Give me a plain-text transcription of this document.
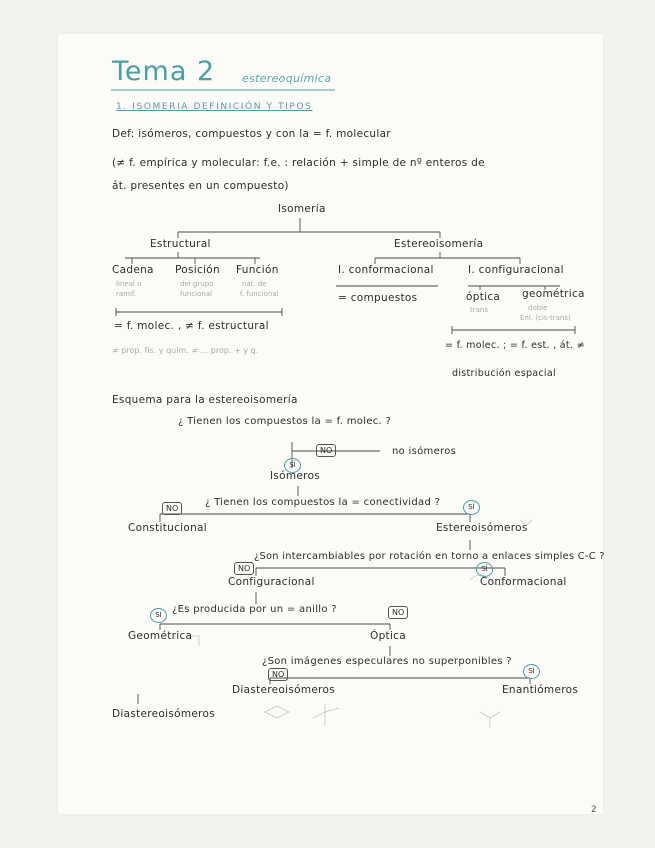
Tema 2 estereoquímica
1. ISOMERIA DEFINICIÓN Y TIPOS
Def: isómeros, compuestos y con la = f. molecular
(≠ f. empírica y molecular: f.e. : relación + simple de nº enteros de
át. presentes en un compuesto)
Isomería
Estructural	Estereoisomería
Cadena
lineal o
ramif.
Posición
del grupo
funcional
Función
nat. de
f. funcional
I. conformacional	I. configuracional
= compuestos	óptica geométrica
trans	doble
Enl. (cis-trans)
= f. molec. , ≠ f. estructural
≠ prop. fís. y quím. ≠ ... prop. + y q.	= f. molec. ; = f. est. , át. ≠
distribución espacial
Esquema para la estereoisomería
¿ Tienen los compuestos la = f. molec. ?
NO	no isómeros
SÍ
Isómeros
NO
¿ Tienen los compuestos la = conectividad ?	SÍ
Constitucional	Estereoisómeros
¿Son intercambiables por rotación en torno a enlaces simples C-C ?
NO	SÍ
Configuracional	Conformacional
SÍ	¿Es producida por un = anillo ?	NO
Geométrica	Óptica
¿Son imágenes especulares no superponibles ?
NO	SÍ
Diastereoisómeros	Enantiómeros
Diastereoisómeros
2
